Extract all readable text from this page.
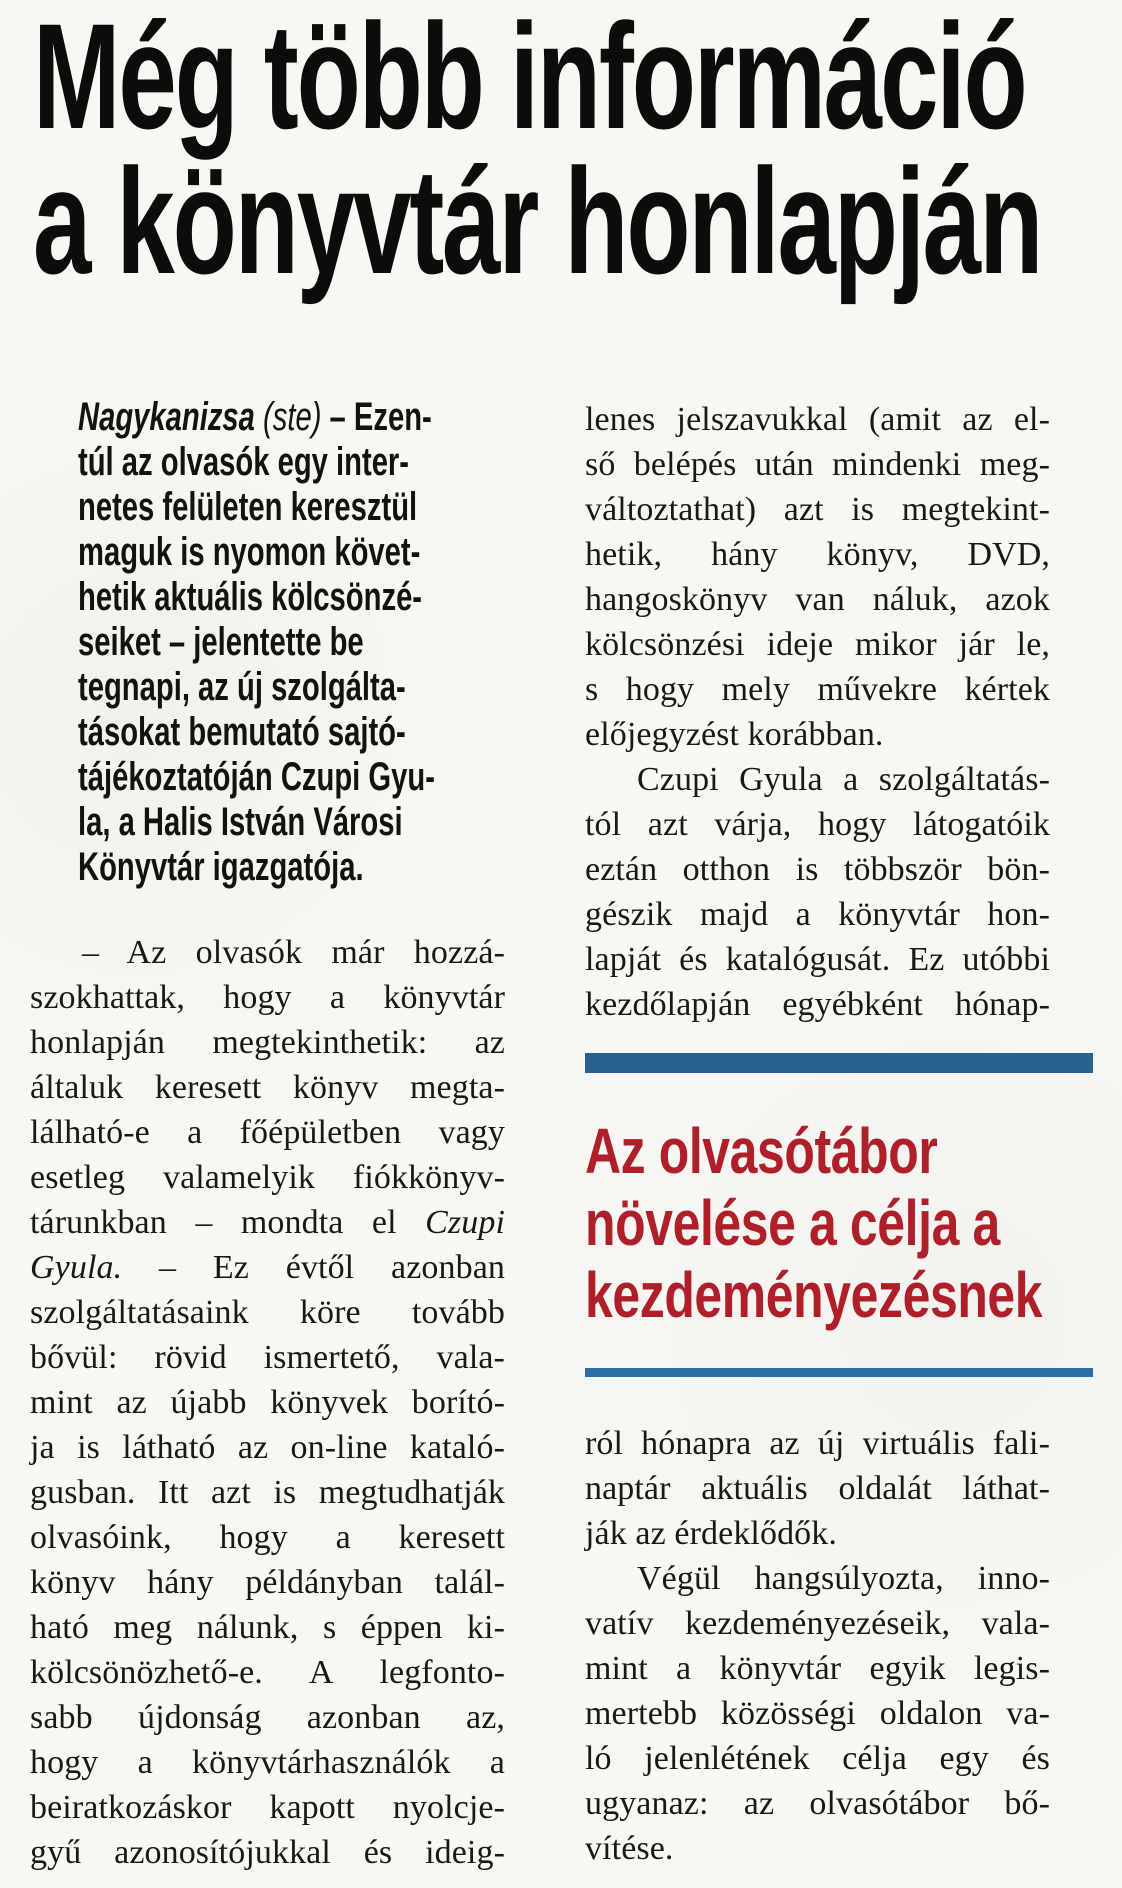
Még több információ
a könyvtár honlapján
Nagykanizsa (ste) – Ezen-
túl az olvasók egy inter-
netes felületen keresztül
maguk is nyomon követ-
hetik aktuális kölcsönzé-
seiket – jelentette be
tegnapi, az új szolgálta-
tásokat bemutató sajtó-
tájékoztatóján Czupi Gyu-
la, a Halis István Városi
Könyvtár igazgatója.
– Az olvasók már hozzá-
szokhattak, hogy a könyvtár
honlapján megtekinthetik: az
általuk keresett könyv megta-
lálható-e a főépületben vagy
esetleg valamelyik fiókkönyv-
tárunkban – mondta el Czupi
Gyula. – Ez évtől azonban
szolgáltatásaink köre tovább
bővül: rövid ismertető, vala-
mint az újabb könyvek borító-
ja is látható az on-line kataló-
gusban. Itt azt is megtudhatják
olvasóink, hogy a keresett
könyv hány példányban talál-
ható meg nálunk, s éppen ki-
kölcsönözhető-e. A legfonto-
sabb újdonság azonban az,
hogy a könyvtárhasználók a
beiratkozáskor kapott nyolcje-
gyű azonosítójukkal és ideig-
lenes jelszavukkal (amit az el-
ső belépés után mindenki meg-
változtathat) azt is megtekint-
hetik, hány könyv, DVD,
hangoskönyv van náluk, azok
kölcsönzési ideje mikor jár le,
s hogy mely művekre kértek
előjegyzést korábban.
Czupi Gyula a szolgáltatás-
tól azt várja, hogy látogatóik
eztán otthon is többször bön-
gészik majd a könyvtár hon-
lapját és katalógusát. Ez utóbbi
kezdőlapján egyébként hónap-
Az olvasótábor
növelése a célja a
kezdeményezésnek
ról hónapra az új virtuális fali-
naptár aktuális oldalát láthat-
ják az érdeklődők.
Végül hangsúlyozta, inno-
vatív kezdeményezéseik, vala-
mint a könyvtár egyik legis-
mertebb közösségi oldalon va-
ló jelenlétének célja egy és
ugyanaz: az olvasótábor bő-
vítése.
